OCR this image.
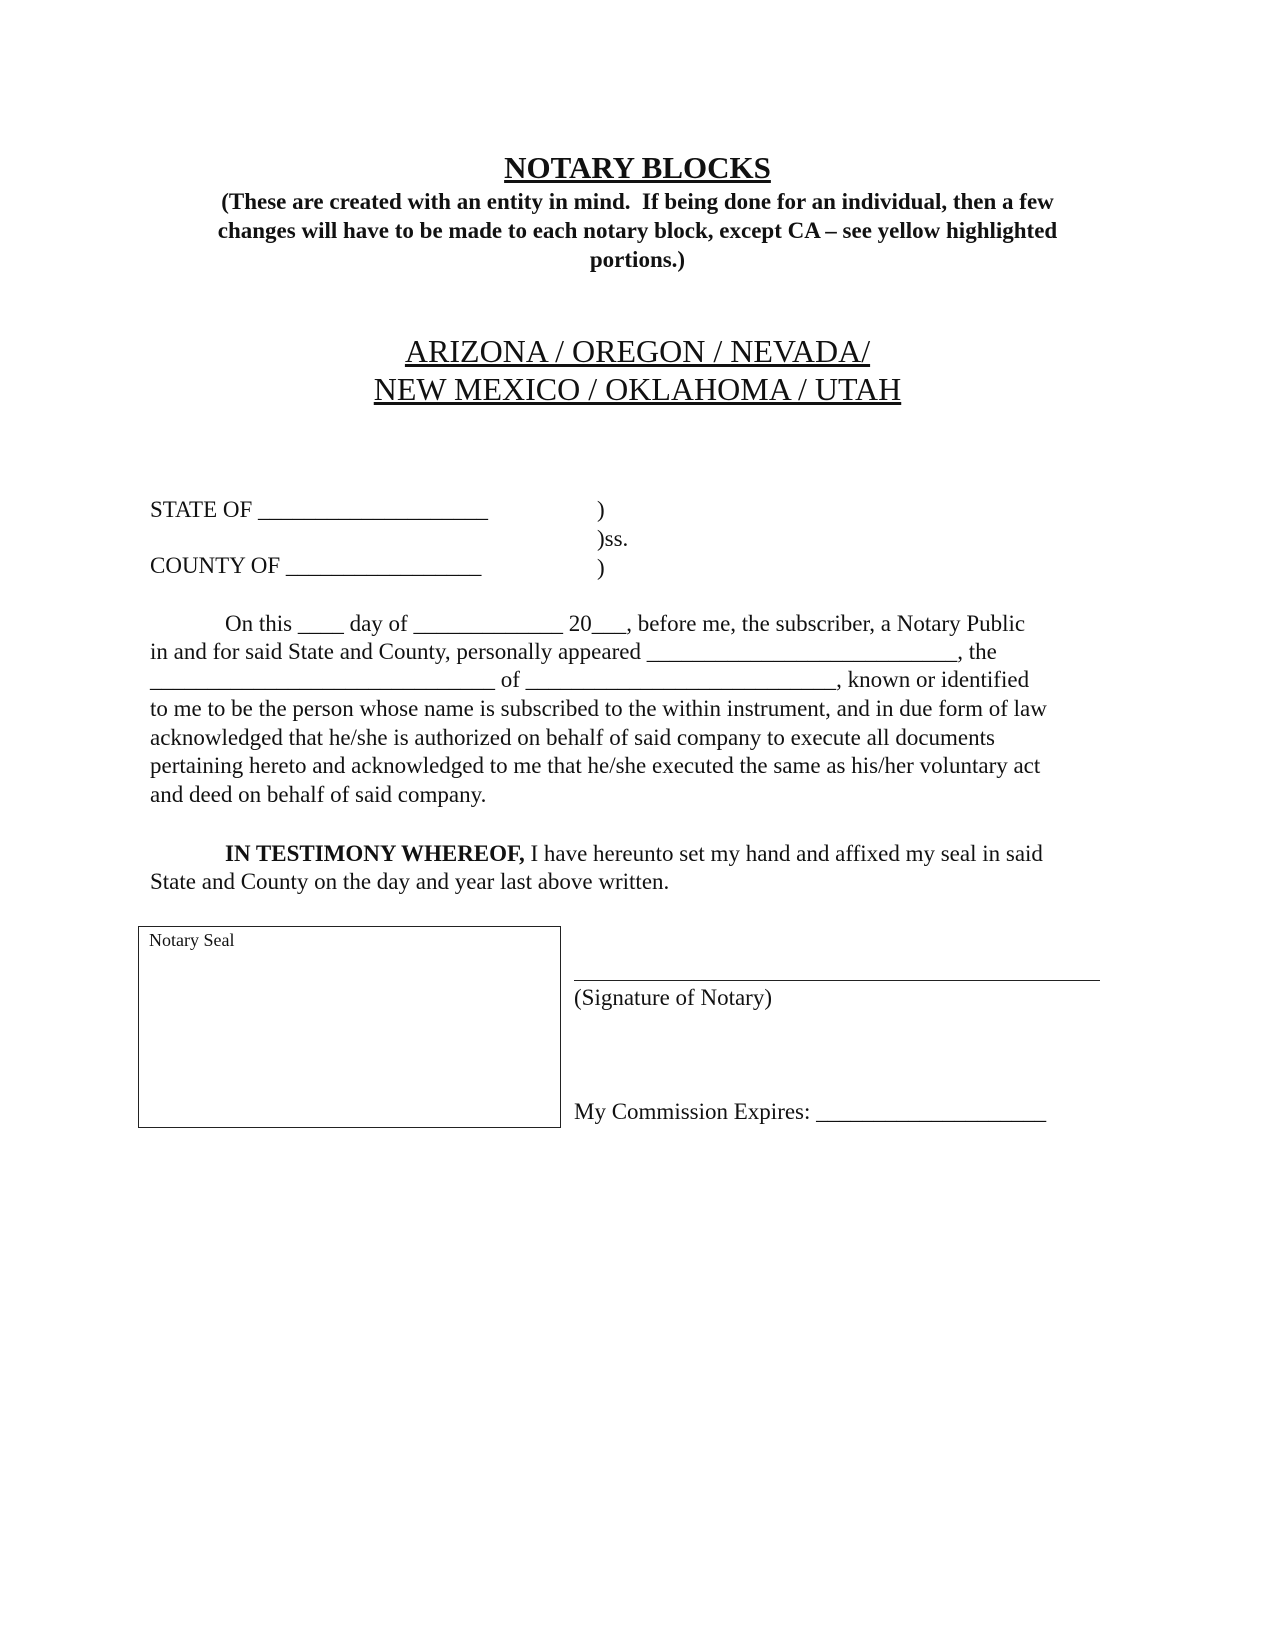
NOTARY BLOCKS
(These are created with an entity in mind.  If being done for an individual, then a few
changes will have to be made to each notary block, except CA – see yellow highlighted
portions.)
ARIZONA / OREGON / NEVADA/
NEW MEXICO / OKLAHOMA / UTAH
STATE OF ____________________
COUNTY OF _________________
)
)ss.
)
On this ____ day of _____________ 20___, before me, the subscriber, a Notary Public
in and for said State and County, personally appeared ___________________________, the
______________________________ of ___________________________, known or identified
to me to be the person whose name is subscribed to the within instrument, and in due form of law
acknowledged that he/she is authorized on behalf of said company to execute all documents
pertaining hereto and acknowledged to me that he/she executed the same as his/her voluntary act
and deed on behalf of said company.
IN TESTIMONY WHEREOF, I have hereunto set my hand and affixed my seal in said
State and County on the day and year last above written.
Notary Seal
(Signature of Notary)
My Commission Expires: ____________________
